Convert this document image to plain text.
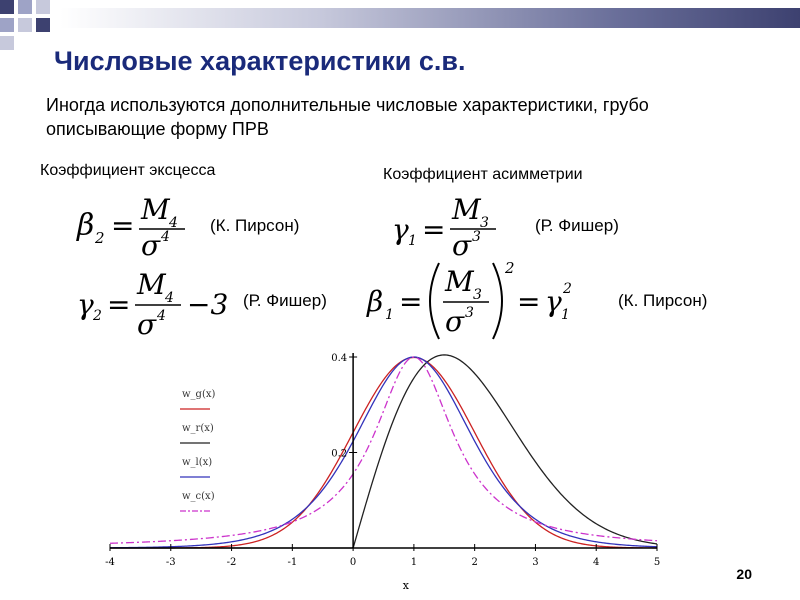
Числовые характеристики с.в.
Иногда используются дополнительные числовые характеристики, грубо описывающие форму ПРВ
Коэффициент эксцесса	Коэффициент асимметрии
β 2 = M 4
σ 4
(К. Пирсон)	γ 1 =
M 3
σ 3
(Р. Фишер)
γ 2 =
M 4
σ 4 −3 (Р. Фишер) β 1 =
M 3
σ 3
2
= γ 1
2
(К. Пирсон)
-4	-3	-2	-1	0	1	2	3	4	5
0.2
0.4
x
w_g(x)
w_r(x)
w_l(x)
w_c(x)
20
